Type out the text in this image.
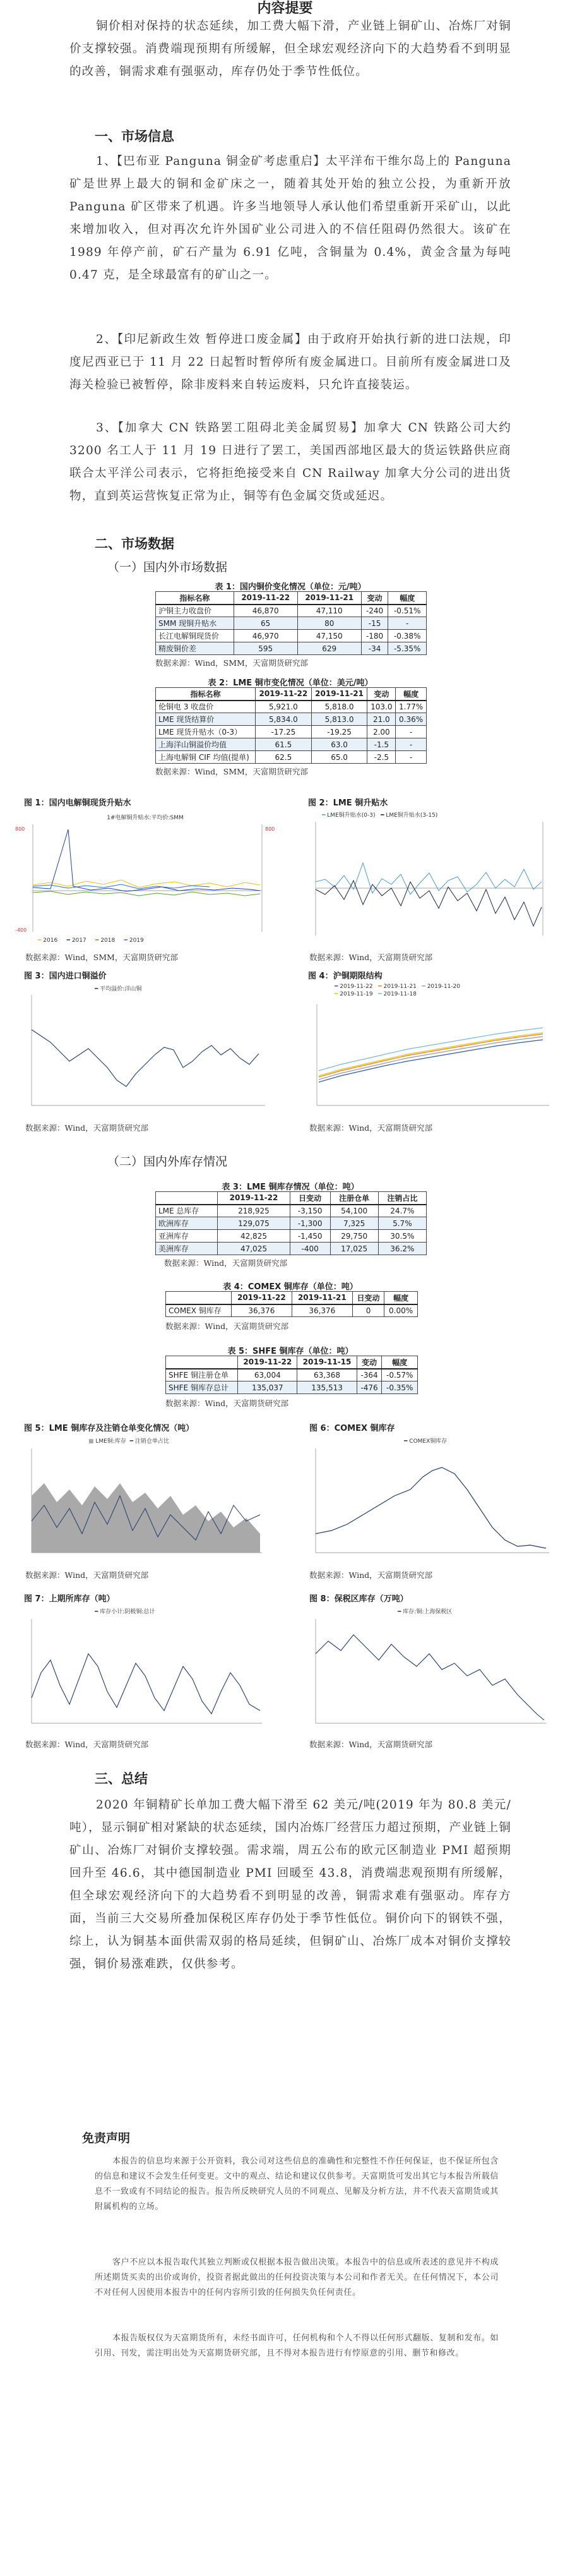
内容提要
铜价相对保持的状态延续，加工费大幅下滑，产业链上铜矿山、冶炼厂对铜价支撑较强。消费端现预期有所缓解，但全球宏观经济向下的大趋势看不到明显的改善，铜需求难有强驱动，库存仍处于季节性低位。
一、市场信息
1、【巴布亚 Panguna 铜金矿考虑重启】太平洋布干维尔岛上的 Panguna 矿是世界上最大的铜和金矿床之一，随着其处开始的独立公投，为重新开放 Panguna 矿区带来了机遇。许多当地领导人承认他们希望重新开采矿山，以此来增加收入，但对再次允许外国矿业公司进入的不信任阻碍仍然很大。该矿在 1989 年停产前，矿石产量为 6.91 亿吨，含铜量为 0.4%，黄金含量为每吨 0.47 克，是全球最富有的矿山之一。
2、【印尼新政生效 暂停进口废金属】由于政府开始执行新的进口法规，印度尼西亚已于 11 月 22 日起暂时暂停所有废金属进口。目前所有废金属进口及海关检验已被暂停，除非废料来自转运废料，只允许直接装运。
3、【加拿大 CN 铁路罢工阻碍北美金属贸易】加拿大 CN 铁路公司大约 3200 名工人于 11 月 19 日进行了罢工，美国西部地区最大的货运铁路供应商联合太平洋公司表示，它将拒绝接受来自 CN Railway 加拿大分公司的进出货物，直到英运营恢复正常为止，铜等有色金属交货或延迟。
二、市场数据
（一）国内外市场数据
表 1：国内铜价变化情况（单位：元/吨）
指标名称	2019-11-22	2019-11-21	变动	幅度
沪铜主力收盘价	46,870	47,110	-240	-0.51%
SMM 现铜升贴水	65	80	-15	-
长江电解铜现货价	46,970	47,150	-180	-0.38%
精废铜价差	595	629	-34	-5.35%
数据来源：Wind，SMM，天富期货研究部
表 2：LME 铜市变化情况（单位：美元/吨）
指标名称	2019-11-22	2019-11-21	变动	幅度
伦铜电 3 收盘价	5,921.0	5,818.0	103.0	1.77%
LME 现货结算价	5,834.0	5,813.0	21.0	0.36%
LME 现货升贴水（0-3）	-17.25	-19.25	2.00	-
上海洋山铜溢价均值	61.5	63.0	-1.5	-
上海电解铜 CIF 均值(提单)	62.5	65.0	-2.5	-
数据来源：Wind，SMM，天富期货研究部
图 1：国内电解铜现货升贴水
1#电解铜升贴水:平均价:SMM
800
-400
800
━ 2016 ━ 2017 ━ 2018 ━ 2019
数据来源：Wind，SMM，天富期货研究部
图 2：LME 铜升贴水
━ LME铜升贴水(0-3) ━ LME铜升贴水(3-15)
数据来源：Wind，天富期货研究部
图 3：国内进口铜溢价
━ 平均溢价:洋山铜
数据来源：Wind，天富期货研究部
图 4：沪铜期限结构
━ 2019-11-22 ━ 2019-11-21 ━ 2019-11-20
━ 2019-11-19 ━ 2019-11-18
数据来源：Wind，天富期货研究部
（二）国内外库存情况
表 3：LME 铜库存情况（单位：吨）
	2019-11-22	日变动	注册仓单	注销占比
LME 总库存	218,925	-3,150	54,100	24.7%
欧洲库存	129,075	-1,300	7,325	5.7%
亚洲库存	42,825	-1,450	29,750	30.5%
美洲库存	47,025	-400	17,025	36.2%
数据来源：Wind，天富期货研究部
表 4：COMEX 铜库存（单位：吨）
	2019-11-22	2019-11-21	日变动	幅度
COMEX 铜库存	36,376	36,376	0	0.00%
数据来源：Wind，天富期货研究部
表 5：SHFE 铜库存（单位：吨）
	2019-11-22	2019-11-15	变动	幅度
SHFE 铜注册仓单	63,004	63,368	-364	-0.57%
SHFE 铜库存总计	135,037	135,513	-476	-0.35%
数据来源：Wind，天富期货研究部
图 5：LME 铜库存及注销仓单变化情况（吨）
■ LME铜:库存 ━ 注销仓单占比
数据来源：Wind，天富期货研究部
图 6：COMEX 铜库存
━ COMEX铜库存
数据来源：Wind，天富期货研究部
图 7：上期所库存（吨）
━ 库存小计:阴极铜:总计
数据来源：Wind，天富期货研究部
图 8：保税区库存（万吨）
━ 库存:铜:上海保税区
数据来源：Wind，天富期货研究部
三、总结
2020 年铜精矿长单加工费大幅下滑至 62 美元/吨(2019 年为 80.8 美元/吨），显示铜矿相对紧缺的状态延续，国内冶炼厂经营压力超过预期，产业链上铜矿山、冶炼厂对铜价支撑较强。需求端，周五公布的欧元区制造业 PMI 超预期回升至 46.6，其中德国制造业 PMI 回暖至 43.8，消费端悲观预期有所缓解，但全球宏观经济向下的大趋势看不到明显的改善，铜需求难有强驱动。库存方面，当前三大交易所叠加保税区库存仍处于季节性低位。铜价向下的钢铁不强，综上，认为铜基本面供需双弱的格局延续，但铜矿山、冶炼厂成本对铜价支撑较强，铜价易涨难跌，仅供参考。
免责声明
本报告的信息均来源于公开资料，我公司对这些信息的准确性和完整性不作任何保证，也不保证所包含的信息和建议不会发生任何变更。文中的观点、结论和建议仅供参考。天富期货可发出其它与本报告所载信息不一致或有不同结论的报告。报告所反映研究人员的不同观点、见解及分析方法，并不代表天富期货或其附属机构的立场。
客户不应以本报告取代其独立判断或仅根据本报告做出决策。本报告中的信息或所表述的意见并不构成所述期货买卖的出价或询价，投资者据此做出的任何投资决策与本公司和作者无关。在任何情况下，本公司不对任何人因使用本报告中的任何内容所引致的任何损失负任何责任。
本报告版权仅为天富期货所有，未经书面许可，任何机构和个人不得以任何形式翻版、复制和发布。如引用、刊发，需注明出处为天富期货研究部，且不得对本报告进行有悖原意的引用、删节和修改。
